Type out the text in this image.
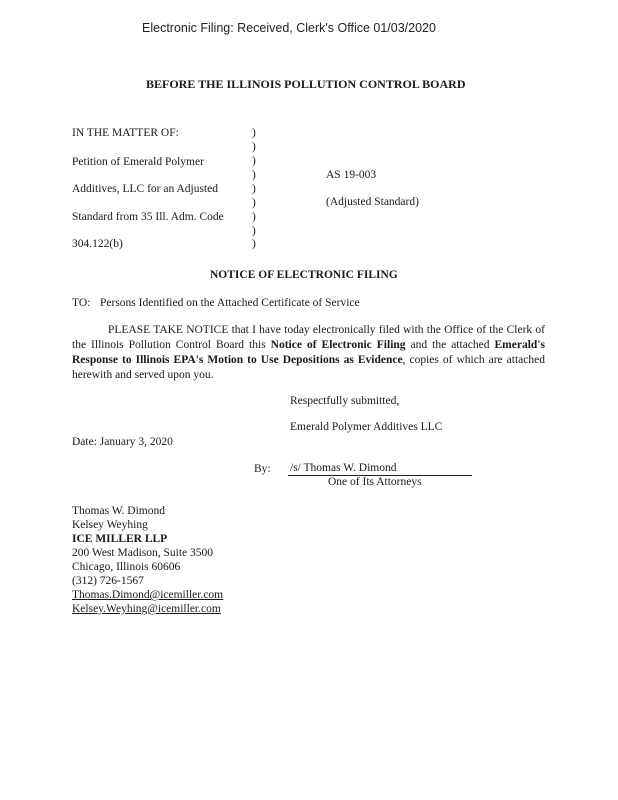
Electronic Filing: Received, Clerk's Office 01/03/2020
BEFORE THE ILLINOIS POLLUTION CONTROL BOARD
IN THE MATTER OF:
Petition of Emerald Polymer
Additives, LLC for an Adjusted
Standard from 35 Ill. Adm. Code
304.122(b)
)
)
)
)
)
)
)
)
)
AS 19-003
(Adjusted Standard)
NOTICE OF ELECTRONIC FILING
TO: Persons Identified on the Attached Certificate of Service
PLEASE TAKE NOTICE that I have today electronically filed with the Office of the Clerk of the Illinois Pollution Control Board this Notice of Electronic Filing and the attached Emerald's Response to Illinois EPA's Motion to Use Depositions as Evidence, copies of which are attached herewith and served upon you.
Respectfully submitted,
Emerald Polymer Additives LLC
Date: January 3, 2020
By: /s/ Thomas W. Dimond
One of Its Attorneys
Thomas W. Dimond
Kelsey Weyhing
ICE MILLER LLP
200 West Madison, Suite 3500
Chicago, Illinois 60606
(312) 726-1567
Thomas.Dimond@icemiller.com
Kelsey.Weyhing@icemiller.com
